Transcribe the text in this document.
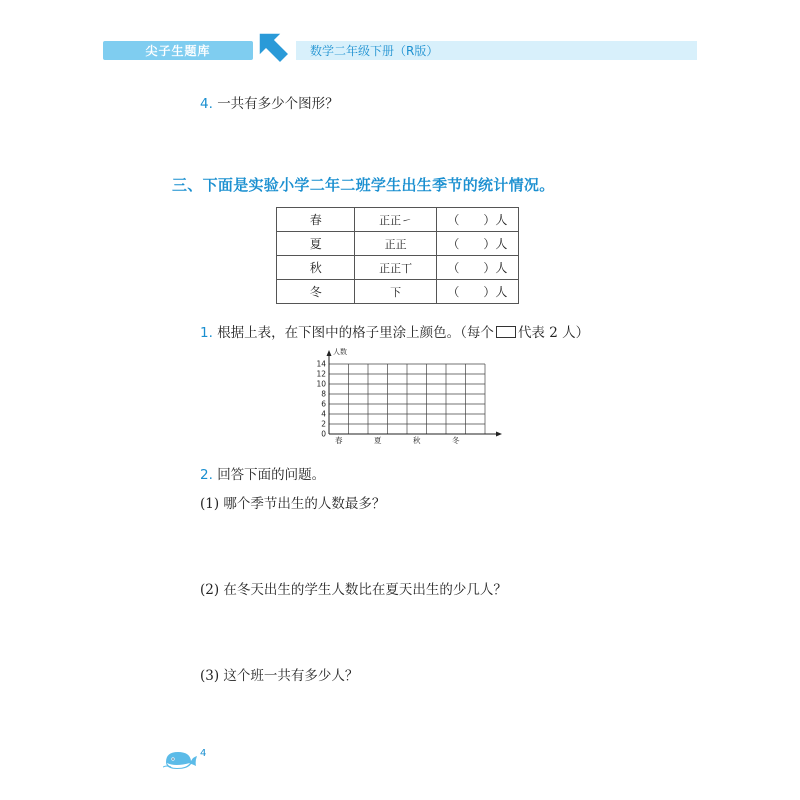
尖子生题库	数学二年级下册（R版）
4. 一共有多少个图形？
三、下面是实验小学二年二班学生出生季节的统计情况。
春	正正㇀	（　　）人
夏	正正	（　　）人
秋	正正丅	（　　）人
冬	下	（　　）人
1. 根据上表，在下图中的格子里涂上颜色。（每个 代表 2 人）
人数
14
12
10
8
6
4
2
0
春	夏	秋	冬
2. 回答下面的问题。
(1) 哪个季节出生的人数最多？
(2) 在冬天出生的学生人数比在夏天出生的少几人？
(3) 这个班一共有多少人？
4
